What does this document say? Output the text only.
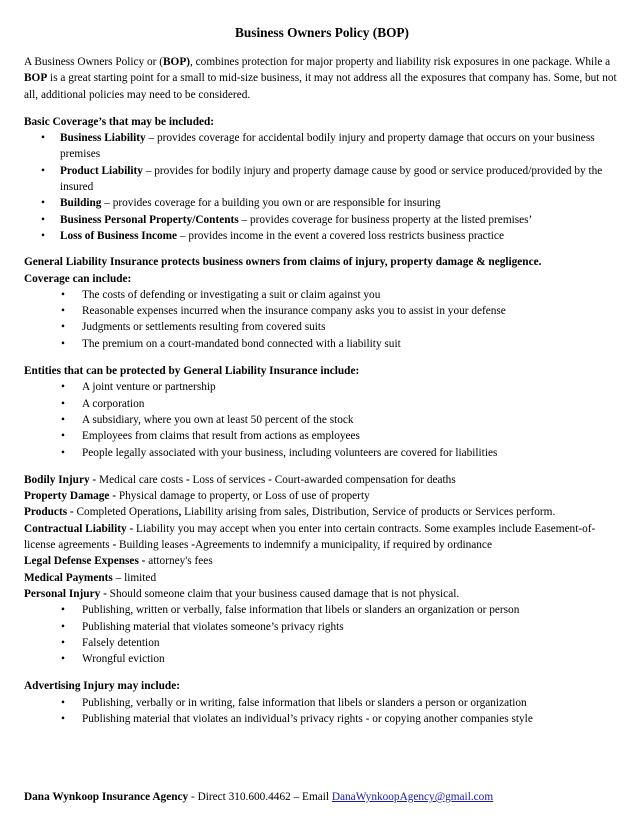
Business Owners Policy (BOP)

A Business Owners Policy or (BOP), combines protection for major property and liability risk exposures in one package. While a BOP is a great starting point for a small to mid-size business, it may not address all the exposures that company has. Some, but not all, additional policies may need to be considered.

Basic Coverage’s that may be included:

• Business Liability – provides coverage for accidental bodily injury and property damage that occurs on your business premises
• Product Liability – provides for bodily injury and property damage cause by good or service produced/provided by the insured
• Building – provides coverage for a building you own or are responsible for insuring
• Business Personal Property/Contents – provides coverage for business property at the listed premises’
• Loss of Business Income – provides income in the event a covered loss restricts business practice

General Liability Insurance protects business owners from claims of injury, property damage & negligence.

Coverage can include:

• The costs of defending or investigating a suit or claim against you
• Reasonable expenses incurred when the insurance company asks you to assist in your defense
• Judgments or settlements resulting from covered suits
• The premium on a court-mandated bond connected with a liability suit

Entities that can be protected by General Liability Insurance include:

• A joint venture or partnership
• A corporation
• A subsidiary, where you own at least 50 percent of the stock
• Employees from claims that result from actions as employees
• People legally associated with your business, including volunteers are covered for liabilities

Bodily Injury - Medical care costs - Loss of services - Court-awarded compensation for deaths

Property Damage - Physical damage to property, or Loss of use of property

Products - Completed Operations, Liability arising from sales, Distribution, Service of products or Services perform.

Contractual Liability - Liability you may accept when you enter into certain contracts. Some examples include Easement-of-license agreements - Building leases -Agreements to indemnify a municipality, if required by ordinance

Legal Defense Expenses - attorney's fees

Medical Payments – limited

Personal Injury - Should someone claim that your business caused damage that is not physical.

• Publishing, written or verbally, false information that libels or slanders an organization or person
• Publishing material that violates someone’s privacy rights
• Falsely detention
• Wrongful eviction

Advertising Injury may include:

• Publishing, verbally or in writing, false information that libels or slanders a person or organization
• Publishing material that violates an individual’s privacy rights - or copying another companies style
Dana Wynkoop Insurance Agency - Direct 310.600.4462 – Email DanaWynkoopAgency@gmail.com
